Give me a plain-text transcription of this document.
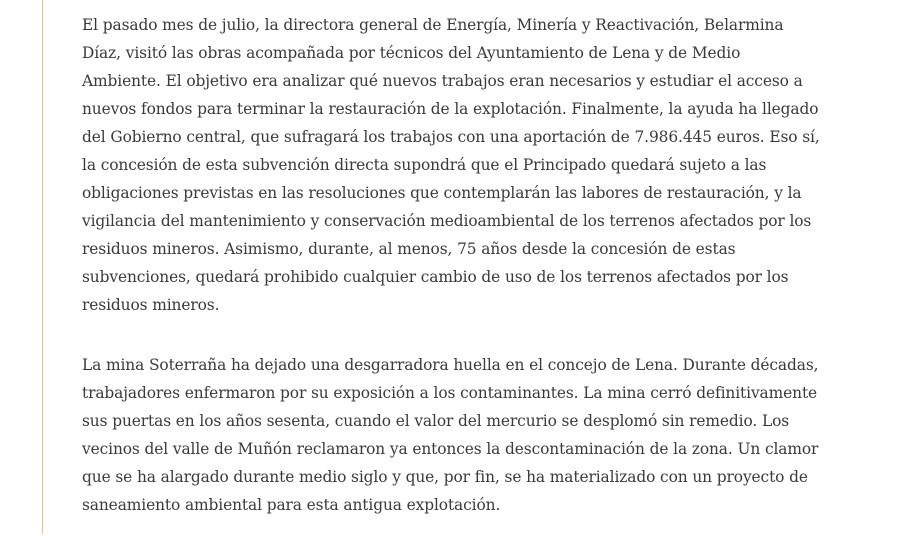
El pasado mes de julio, la directora general de Energía, Minería y Reactivación, Belarmina Díaz, visitó las obras acompañada por técnicos del Ayuntamiento de Lena y de Medio Ambiente. El objetivo era analizar qué nuevos trabajos eran necesarios y estudiar el acceso a nuevos fondos para terminar la restauración de la explotación. Finalmente, la ayuda ha llegado del Gobierno central, que sufragará los trabajos con una aportación de 7.986.445 euros. Eso sí, la concesión de esta subvención directa supondrá que el Principado quedará sujeto a las obligaciones previstas en las resoluciones que contemplarán las labores de restauración, y la vigilancia del mantenimiento y conservación medioambiental de los terrenos afectados por los residuos mineros. Asimismo, durante, al menos, 75 años desde la concesión de estas subvenciones, quedará prohibido cualquier cambio de uso de los terrenos afectados por los residuos mineros.

La mina Soterraña ha dejado una desgarradora huella en el concejo de Lena. Durante décadas, trabajadores enfermaron por su exposición a los contaminantes. La mina cerró definitivamente sus puertas en los años sesenta, cuando el valor del mercurio se desplomó sin remedio. Los vecinos del valle de Muñón reclamaron ya entonces la descontaminación de la zona. Un clamor que se ha alargado durante medio siglo y que, por fin, se ha materializado con un proyecto de saneamiento ambiental para esta antigua explotación.
